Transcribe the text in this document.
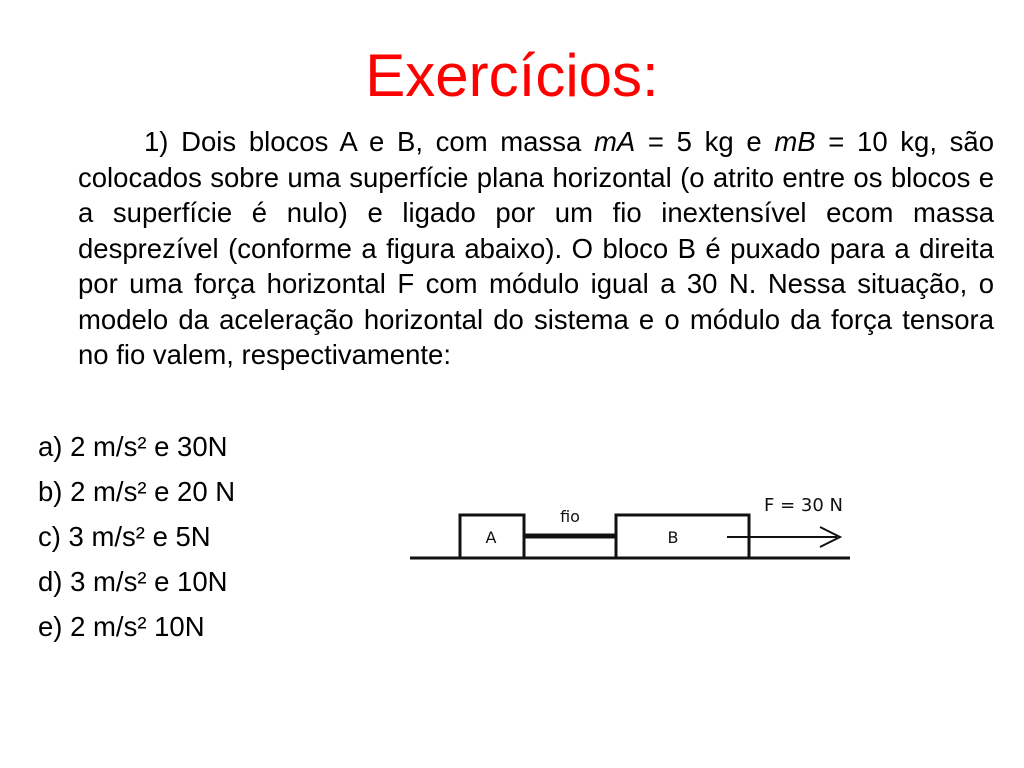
Exercícios:

1) Dois blocos A e B, com massa mA = 5 kg e mB = 10 kg, são colocados sobre uma superfície plana horizontal (o atrito entre os blocos e a superfície é nulo) e ligado por um fio inextensível ecom massa desprezível (conforme a figura abaixo). O bloco B é puxado para a direita por uma força horizontal F com módulo igual a 30 N. Nessa situação, o modelo da aceleração horizontal do sistema e o módulo da força tensora no fio valem, respectivamente:

a) 2 m/s² e 30N
b) 2 m/s² e 20 N
c) 3 m/s² e 5N
d) 3 m/s² e 10N
e) 2 m/s² 10N
A
fio
B
F = 30 N
